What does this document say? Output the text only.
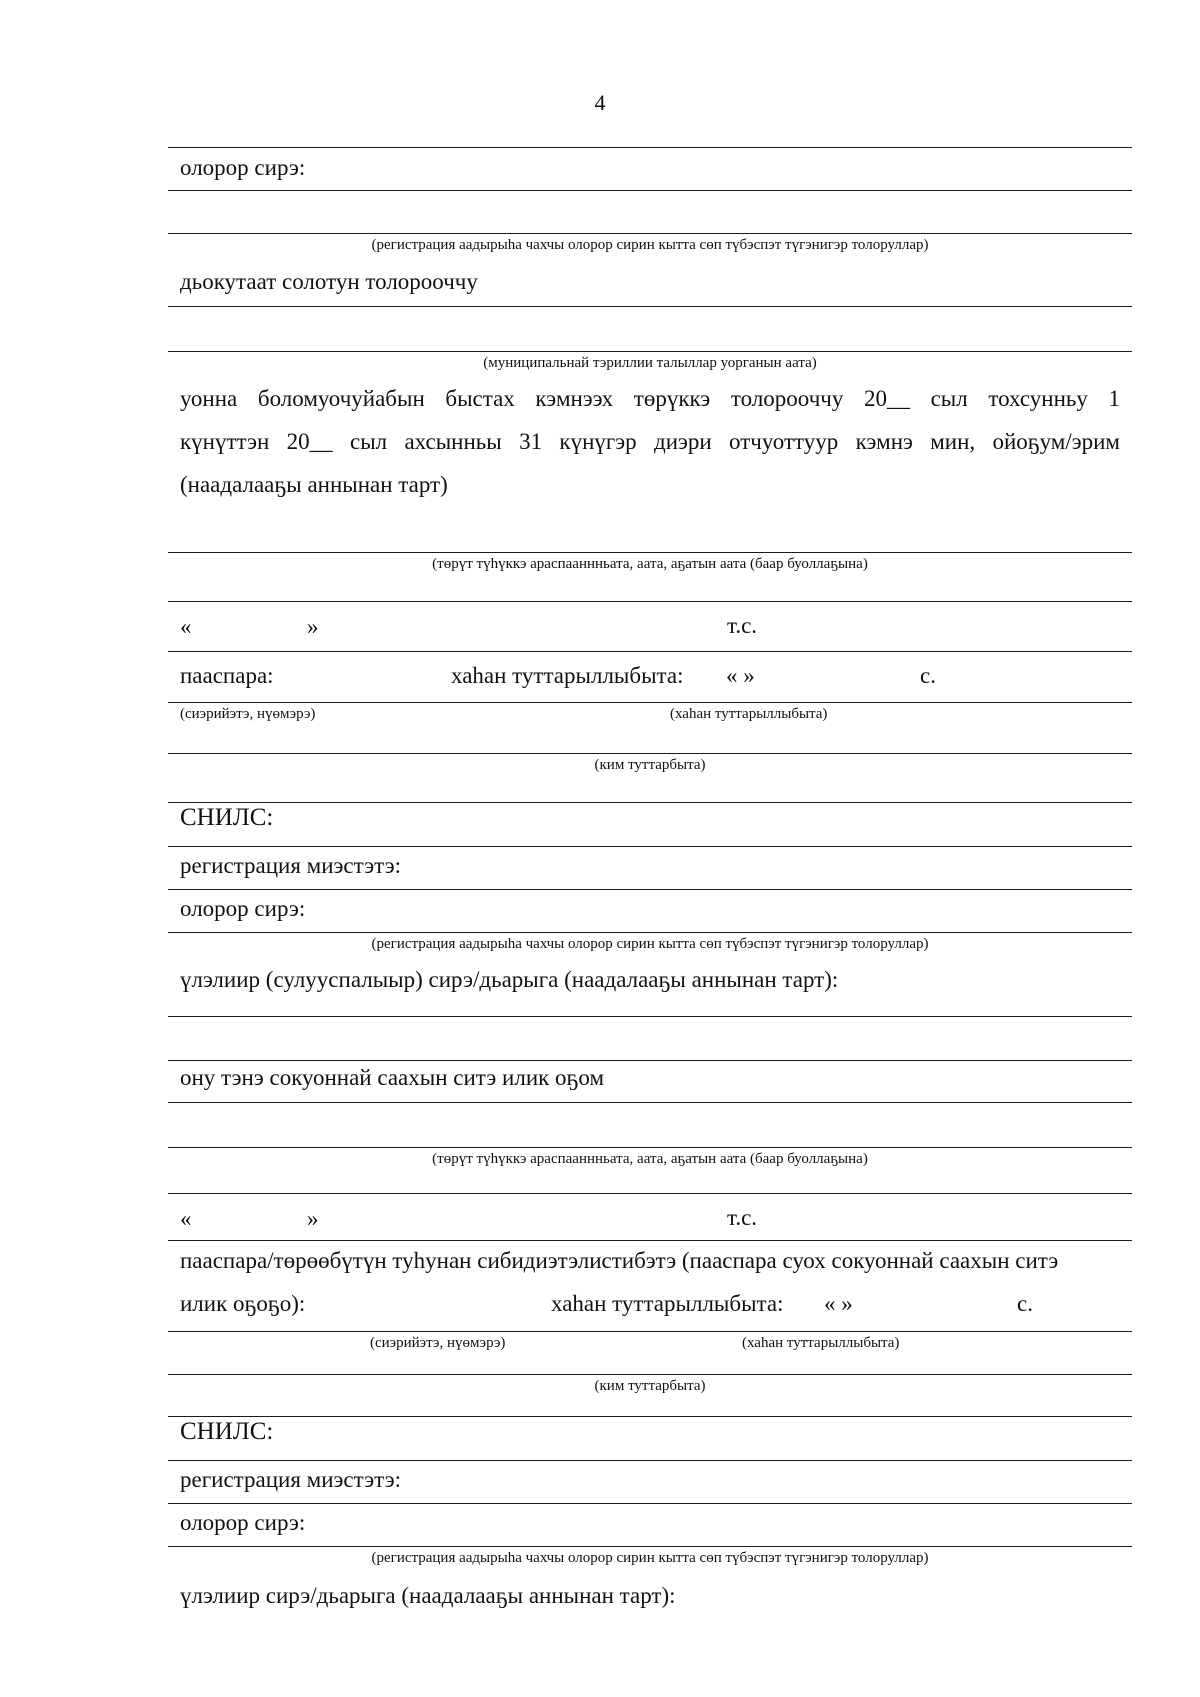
4
олорор сирэ:
(регистрация аадырыhа чахчы олорор сирин кытта сөп түбэспэт түгэнигэр толоруллар)
дьокутаат солотун толорооччу
(муниципальнай тэриллии талыллар уорганын аата)
уонна боломуочуйабын быстах кэмнээх төрүккэ толорооччу 20__ сыл тохсунньу 1
күнүттэн 20__ сыл ахсынньы 31 күнүгэр диэри отчуоттуур кэмнэ мин, ойоҕум/эрим
(наадалааҕы аннынан тарт)
(төрүт түhүккэ араспааннньата, аата, аҕатын аата (баар буоллаҕына)
«	»	т.с.
пааспара:	хаhан туттарыллыбыта: « »	с.
(сиэрийэтэ, нүөмэрэ)	(хаhан туттарыллыбыта)
(ким туттарбыта)
СНИЛС:
регистрация миэстэтэ:
олорор сирэ:
(регистрация аадырыhа чахчы олорор сирин кытта сөп түбэспэт түгэнигэр толоруллар)
үлэлиир (сулууспалыыр) сирэ/дьарыга (наадалааҕы аннынан тарт):
ону тэнэ сокуоннай саахын ситэ илик оҕом
(төрүт түhүккэ араспааннньата, аата, аҕатын аата (баар буоллаҕына)
«	»	т.с.
пааспара/төрөөбүтүн туhунан сибидиэтэлистибэтэ (пааспара суох сокуоннай саахын ситэ
илик оҕоҕо):	хаhан туттарыллыбыта: « »	с.
(сиэрийэтэ, нүөмэрэ)	(хаhан туттарыллыбыта)
(ким туттарбыта)
СНИЛС:
регистрация миэстэтэ:
олорор сирэ:
(регистрация аадырыhа чахчы олорор сирин кытта сөп түбэспэт түгэнигэр толоруллар)
үлэлиир сирэ/дьарыга (наадалааҕы аннынан тарт):
